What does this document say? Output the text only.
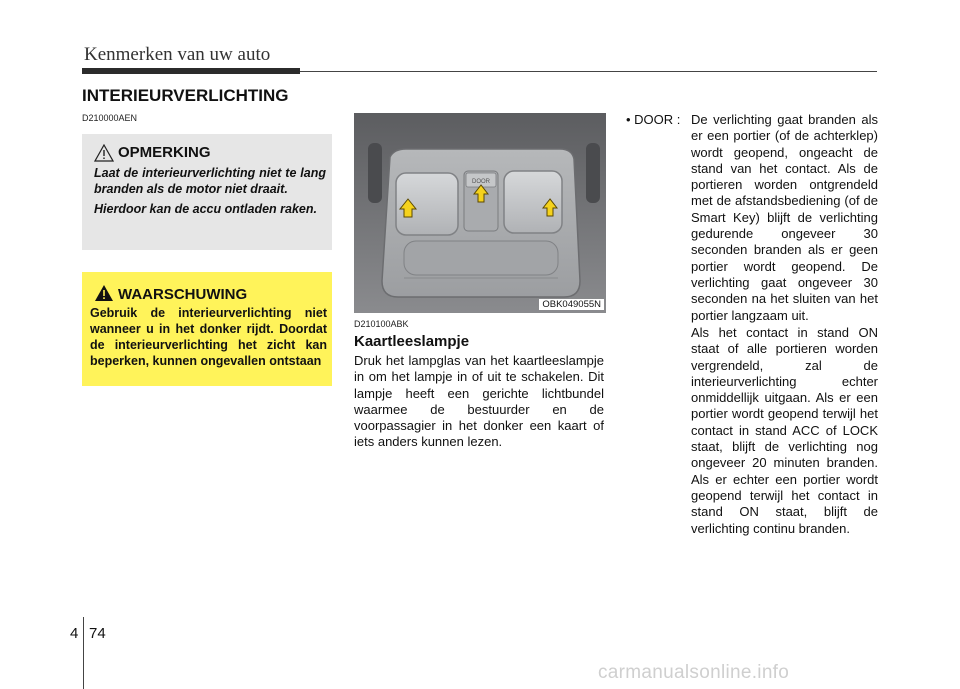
Kenmerken van uw auto
INTERIEURVERLICHTING
D210000AEN
OPMERKING

Laat de interieurverlichting niet te lang branden als de motor niet draait.

Hierdoor kan de accu ontladen raken.

WAARSCHUWING
Gebruik de interieurverlichting niet wanneer u in het donker rijdt. Doordat de interieurverlichting het zicht kan beperken, kunnen ongevallen ontstaan
DOOR
OBK049055N
D210100ABK
Kaartleeslampje
Druk het lampglas van het kaartleeslampje in om het lampje in of uit te schakelen. Dit lampje heeft een gerichte lichtbundel waarmee de bestuurder en de voorpassagier in het donker een kaart of iets anders kunnen lezen.
• DOOR : De verlichting gaat branden als er een portier (of de achterklep) wordt geopend, ongeacht de stand van het contact. Als de portieren worden ontgrendeld met de afstandsbediening (of de Smart Key) blijft de verlichting gedurende ongeveer 30 seconden branden als er geen portier wordt geopend. De verlichting gaat ongeveer 30 seconden na het sluiten van het portier langzaam uit.
Als het contact in stand ON staat of alle portieren worden vergrendeld, zal de interieurverlichting echter onmiddellijk uitgaan. Als er een portier wordt geopend terwijl het contact in stand ACC of LOCK staat, blijft de verlichting nog ongeveer 20 minuten branden. Als er echter een portier wordt geopend terwijl het contact in stand ON staat, blijft de verlichting continu branden.
4 74
carmanualsonline.info
